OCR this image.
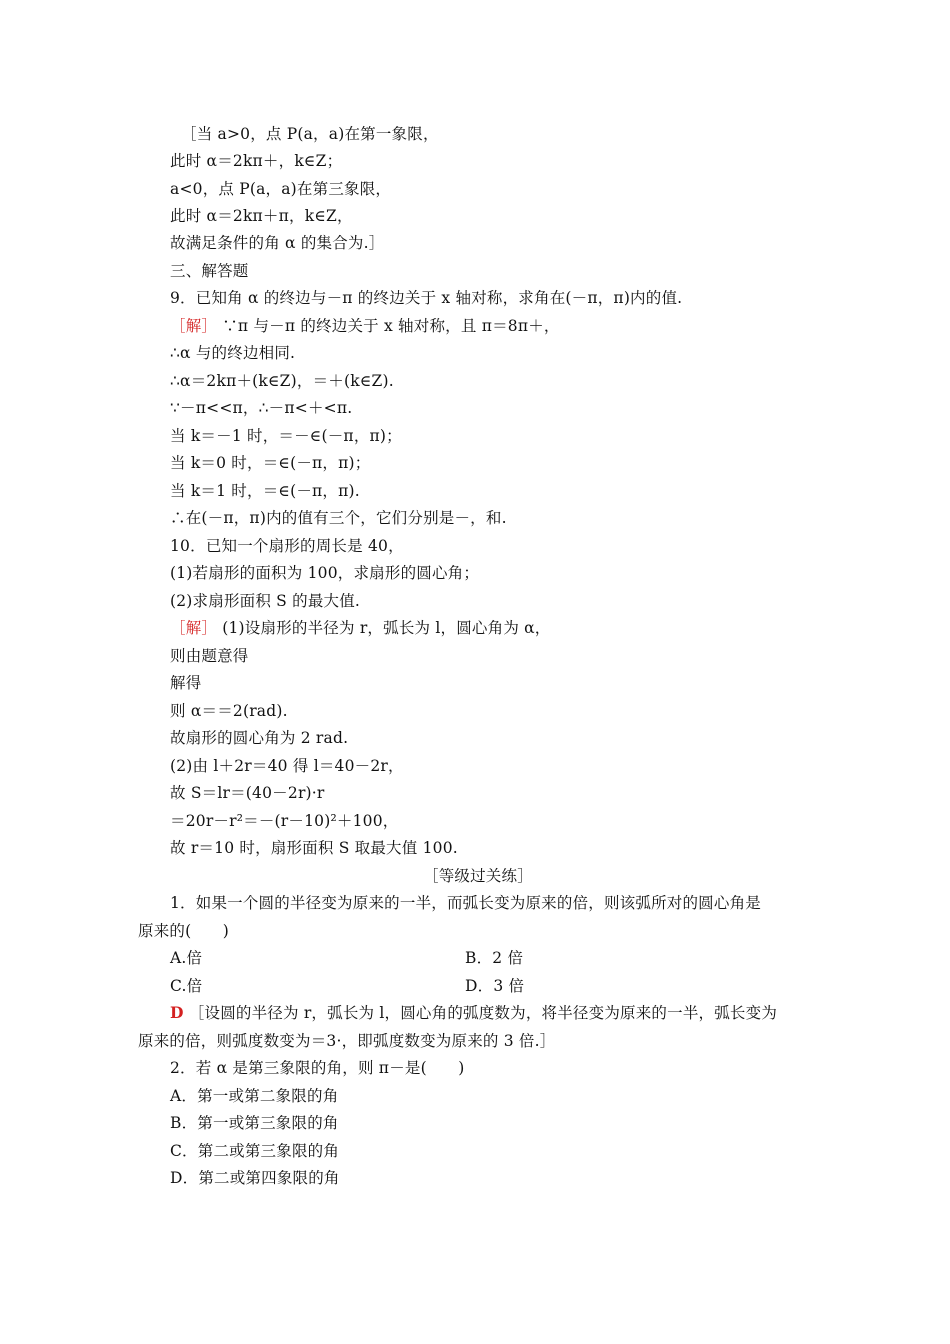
［当 a>0，点 P(a，a)在第一象限，
此时 α＝2kπ＋，k∈Z；
a<0，点 P(a，a)在第三象限，
此时 α＝2kπ＋π，k∈Z，
故满足条件的角 α 的集合为.］
三、解答题
9．已知角 α 的终边与－π 的终边关于 x 轴对称，求角在(－π，π)内的值.
［解］ ∵π 与－π 的终边关于 x 轴对称，且 π＝8π＋，
∴α 与的终边相同.
∴α＝2kπ＋(k∈Z)，＝＋(k∈Z).
∵－π<<π，∴－π<＋<π.
当 k＝－1 时，＝－∈(－π，π)；
当 k＝0 时，＝∈(－π，π)；
当 k＝1 时，＝∈(－π，π).
∴在(－π，π)内的值有三个，它们分别是－，和.
10．已知一个扇形的周长是 40，
(1)若扇形的面积为 100，求扇形的圆心角；
(2)求扇形面积 S 的最大值.
［解］ (1)设扇形的半径为 r，弧长为 l，圆心角为 α，
则由题意得
解得
则 α＝＝2(rad).
故扇形的圆心角为 2 rad.
(2)由 l＋2r＝40 得 l＝40－2r，
故 S＝lr＝(40－2r)·r
＝20r－r²＝－(r－10)²＋100，
故 r＝10 时，扇形面积 S 取最大值 100.
［等级过关练］
1．如果一个圆的半径变为原来的一半，而弧长变为原来的倍，则该弧所对的圆心角是
原来的(　　)
A.倍	B．2 倍
C.倍	D．3 倍
D ［设圆的半径为 r，弧长为 l，圆心角的弧度数为，将半径变为原来的一半，弧长变为
原来的倍，则弧度数变为＝3·，即弧度数变为原来的 3 倍.］
2．若 α 是第三象限的角，则 π－是(　　)
A．第一或第二象限的角
B．第一或第三象限的角
C．第二或第三象限的角
D．第二或第四象限的角
